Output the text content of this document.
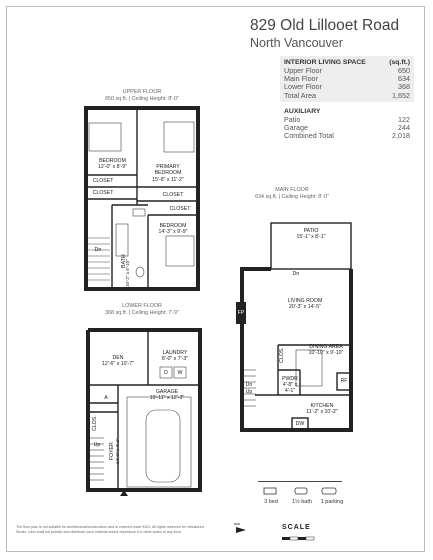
829 Old Lillooet Road
North Vancouver
INTERIOR LIVING SPACE	(sq.ft.)
Upper Floor	650
Main Floor	634
Lower Floor	368
Total Area	1,652
AUXILIARY
Patio	122
Garage	244
Combined Total	2,018
UPPER FLOOR
650 sq.ft. | Ceiling Height: 8'-0"
MAIN FLOOR
634 sq.ft. | Ceiling Height: 8'-0"
LOWER FLOOR
368 sq.ft. | Ceiling Height: 7'-9"
BEDROOM
12'-0" x 8'-9"	PRIMARY
BEDROOM
15'-8" x 11'-2"

CLOSET
CLOSET	CLOSET
CLOSET
BEDROOM
14'-3" x 9'-9"
BATH
10'-2" x 6'-10"
Dn
PATIO
15'-1" x 8'-1"
Dn
FP
LIVING ROOM
20'-3" x 14'-5"
DINING AREA
10'-10" x 9'-10"
CLOS.
PWDR
4'-8" x 4'-1"
RF
KITCHEN
11'-2" x 10'-2"
DW
Dn
Up
DEN
12'-6" x 10'-7"
LAUNDRY
8'-0" x 7'-3"
D	W
GARAGE
19'-11" x 12'-3"
A
CLOS.
Up	FOYER 14'-0" x 4'-2"
3 bed	1½ bath	1 parking
SCALE
The floor plan is not suitable for architectural/construction and is covered under E&O. All rights reserved for Virtualized Studio. User shall not publish and distribute such material and/or reproduce it in other works in any form.
